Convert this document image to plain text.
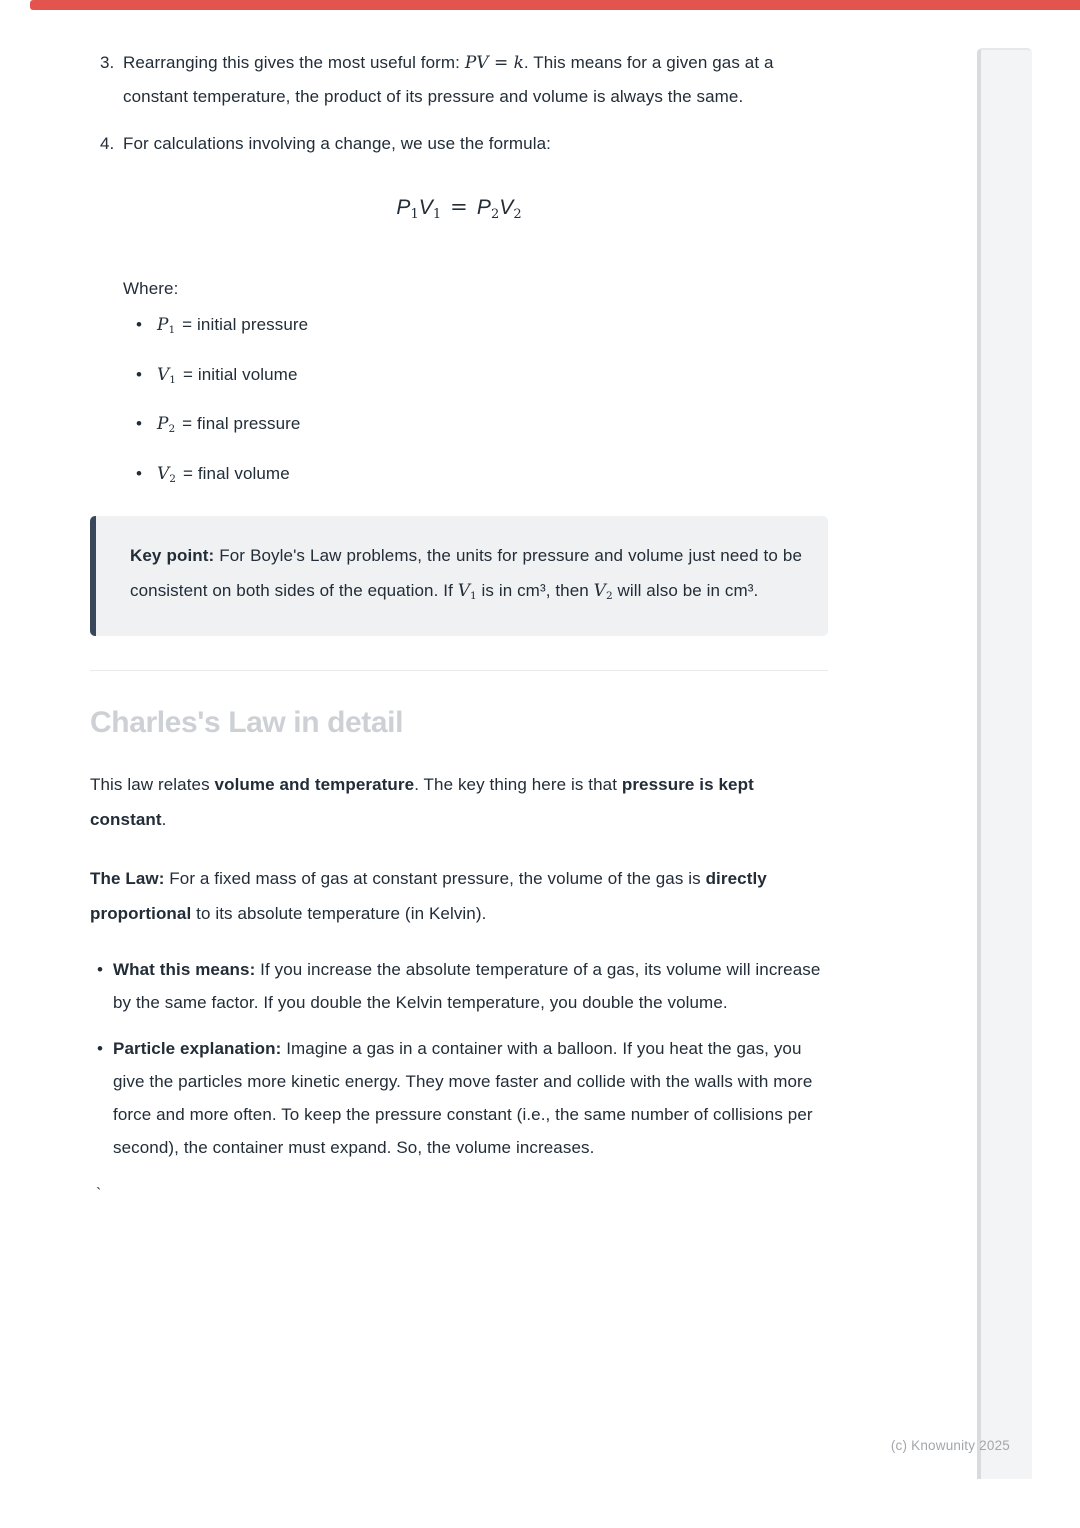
3. Rearranging this gives the most useful form: PV = k. This means for a given gas at a constant temperature, the product of its pressure and volume is always the same.
4. For calculations involving a change, we use the formula:
$P_1V_1 = P_2V_2$
Where:
• $P_1$ = initial pressure
• $V_1$ = initial volume
• $P_2$ = final pressure
• $V_2$ = final volume

Key point: For Boyle's Law problems, the units for pressure and volume just need to be consistent on both sides of the equation. If $V_1$ is in cm³, then $V_2$ will also be in cm³.

Charles's Law in detail

This law relates volume and temperature. The key thing here is that pressure is kept constant.

The Law: For a fixed mass of gas at constant pressure, the volume of the gas is directly proportional to its absolute temperature (in Kelvin).

• What this means: If you increase the absolute temperature of a gas, its volume will increase by the same factor. If you double the Kelvin temperature, you double the volume.
• Particle explanation: Imagine a gas in a container with a balloon. If you heat the gas, you give the particles more kinetic energy. They move faster and collide with the walls with more force and more often. To keep the pressure constant (i.e., the same number of collisions per second), the container must expand. So, the volume increases.
`
(c) Knowunity 2025
